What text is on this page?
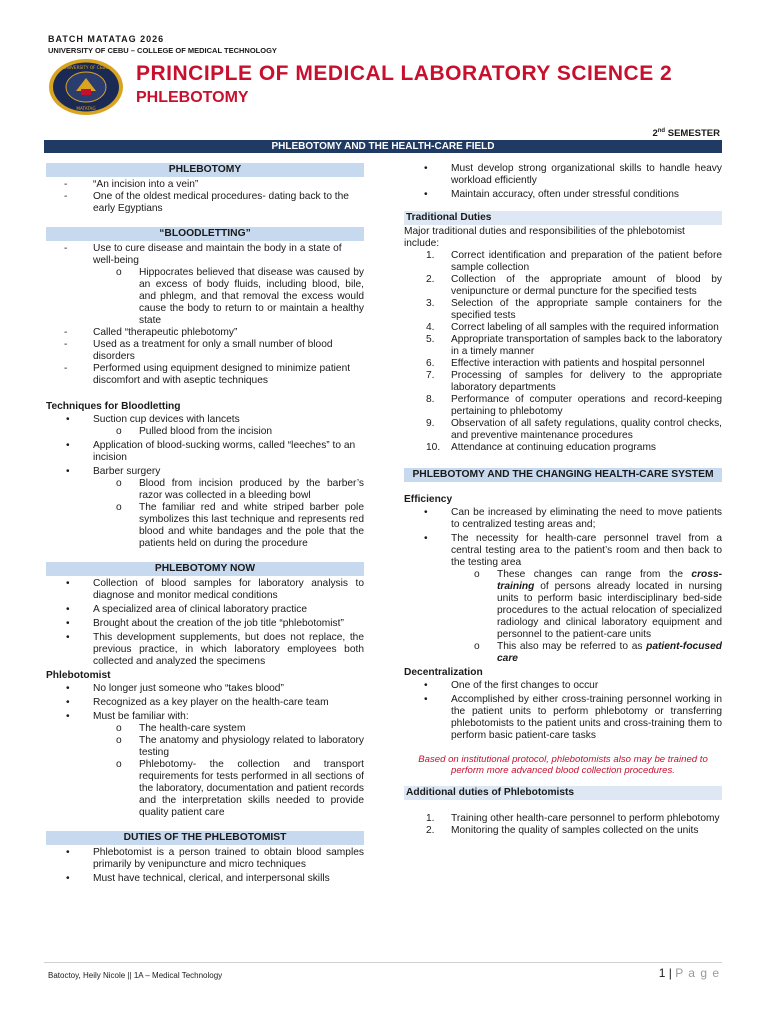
BATCH MATATAG 2026
UNIVERSITY OF CEBU – COLLEGE OF MEDICAL TECHNOLOGY
UNIVERSITY OF CEBU
MATATAG
PRINCIPLE OF MEDICAL LABORATORY SCIENCE 2
PHLEBOTOMY
2nd SEMESTER
PHLEBOTOMY AND THE HEALTH-CARE FIELD
PHLEBOTOMY
- “An incision into a vein”
- One of the oldest medical procedures- dating back to the early Egyptians
“BLOODLETTING”
- Use to cure disease and maintain the body in a state of well-being
o Hippocrates believed that disease was caused by an excess of body fluids, including blood, bile, and phlegm, and that removal the excess would cause the body to return to or maintain a healthy state
- Called “therapeutic phlebotomy”
- Used as a treatment for only a small number of blood disorders
- Performed using equipment designed to minimize patient discomfort and with aseptic techniques
Techniques for Bloodletting
• Suction cup devices with lancets
o Pulled blood from the incision
• Application of blood-sucking worms, called “leeches” to an incision
• Barber surgery
o Blood from incision produced by the barber’s razor was collected in a bleeding bowl
o The familiar red and white striped barber pole symbolizes this last technique and represents red blood and white bandages and the pole that the patients held on during the procedure
PHLEBOTOMY NOW
• Collection of blood samples for laboratory analysis to diagnose and monitor medical conditions
• A specialized area of clinical laboratory practice
• Brought about the creation of the job title “phlebotomist”
• This development supplements, but does not replace, the previous practice, in which laboratory employees both collected and analyzed the specimens
Phlebotomist
• No longer just someone who “takes blood”
• Recognized as a key player on the health-care team
• Must be familiar with:
o The health-care system
o The anatomy and physiology related to laboratory testing
o Phlebotomy- the collection and transport requirements for tests performed in all sections of the laboratory, documentation and patient records and the interpretation skills needed to provide quality patient care
DUTIES OF THE PHLEBOTOMIST
• Phlebotomist is a person trained to obtain blood samples primarily by venipuncture and micro techniques
• Must have technical, clerical, and interpersonal skills
• Must develop strong organizational skills to handle heavy workload efficiently
• Maintain accuracy, often under stressful conditions
Traditional Duties
Major traditional duties and responsibilities of the phlebotomist include:
1. Correct identification and preparation of the patient before sample collection
2. Collection of the appropriate amount of blood by venipuncture or dermal puncture for the specified tests
3. Selection of the appropriate sample containers for the specified tests
4. Correct labeling of all samples with the required information
5. Appropriate transportation of samples back to the laboratory in a timely manner
6. Effective interaction with patients and hospital personnel
7. Processing of samples for delivery to the appropriate laboratory departments
8. Performance of computer operations and record-keeping pertaining to phlebotomy
9. Observation of all safety regulations, quality control checks, and preventive maintenance procedures
10. Attendance at continuing education programs
PHLEBOTOMY AND THE CHANGING HEALTH-CARE SYSTEM
Efficiency
• Can be increased by eliminating the need to move patients to centralized testing areas and;
• The necessity for health-care personnel travel from a central testing area to the patient’s room and then back to the testing area
o These changes can range from the cross-training of persons already located in nursing units to perform basic interdisciplinary bed-side procedures to the actual relocation of specialized radiology and clinical laboratory equipment and personnel to the patient-care units
o This also may be referred to as patient-focused care
Decentralization
• One of the first changes to occur
• Accomplished by either cross-training personnel working in the patient units to perform phlebotomy or transferring phlebotomists to the patient units and cross-training them to perform basic patient-care tasks
Based on institutional protocol, phlebotomists also may be trained to perform more advanced blood collection procedures.
Additional duties of Phlebotomists
1. Training other health-care personnel to perform phlebotomy
2. Monitoring the quality of samples collected on the units
Batoctoy, Heily Nicole || 1A – Medical Technology	1 | P a g e
